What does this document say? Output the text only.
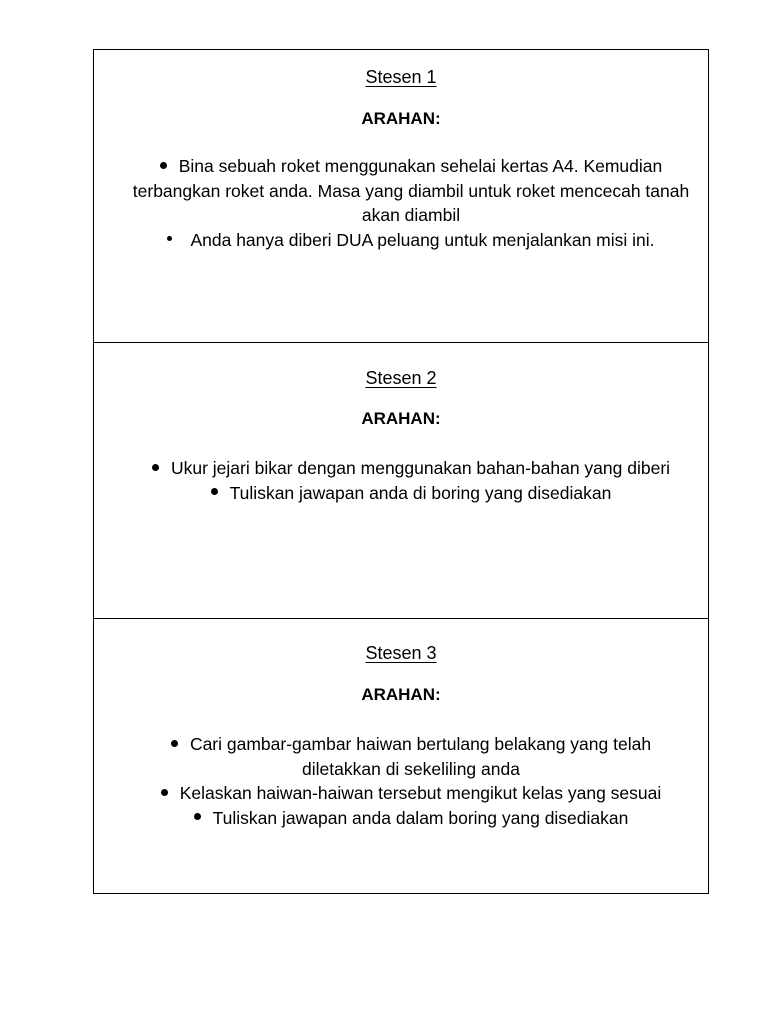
Stesen 1
ARAHAN:
Bina sebuah roket menggunakan sehelai kertas A4. Kemudian terbangkan roket anda. Masa yang diambil untuk roket mencecah tanah akan diambil
Anda hanya diberi DUA peluang untuk menjalankan misi ini.
Stesen 2
ARAHAN:
Ukur jejari bikar dengan menggunakan bahan-bahan yang diberi
Tuliskan jawapan anda di boring yang disediakan
Stesen 3
ARAHAN:
Cari gambar-gambar haiwan bertulang belakang yang telah diletakkan di sekeliling anda
Kelaskan haiwan-haiwan tersebut mengikut kelas yang sesuai
Tuliskan jawapan anda dalam boring yang disediakan
